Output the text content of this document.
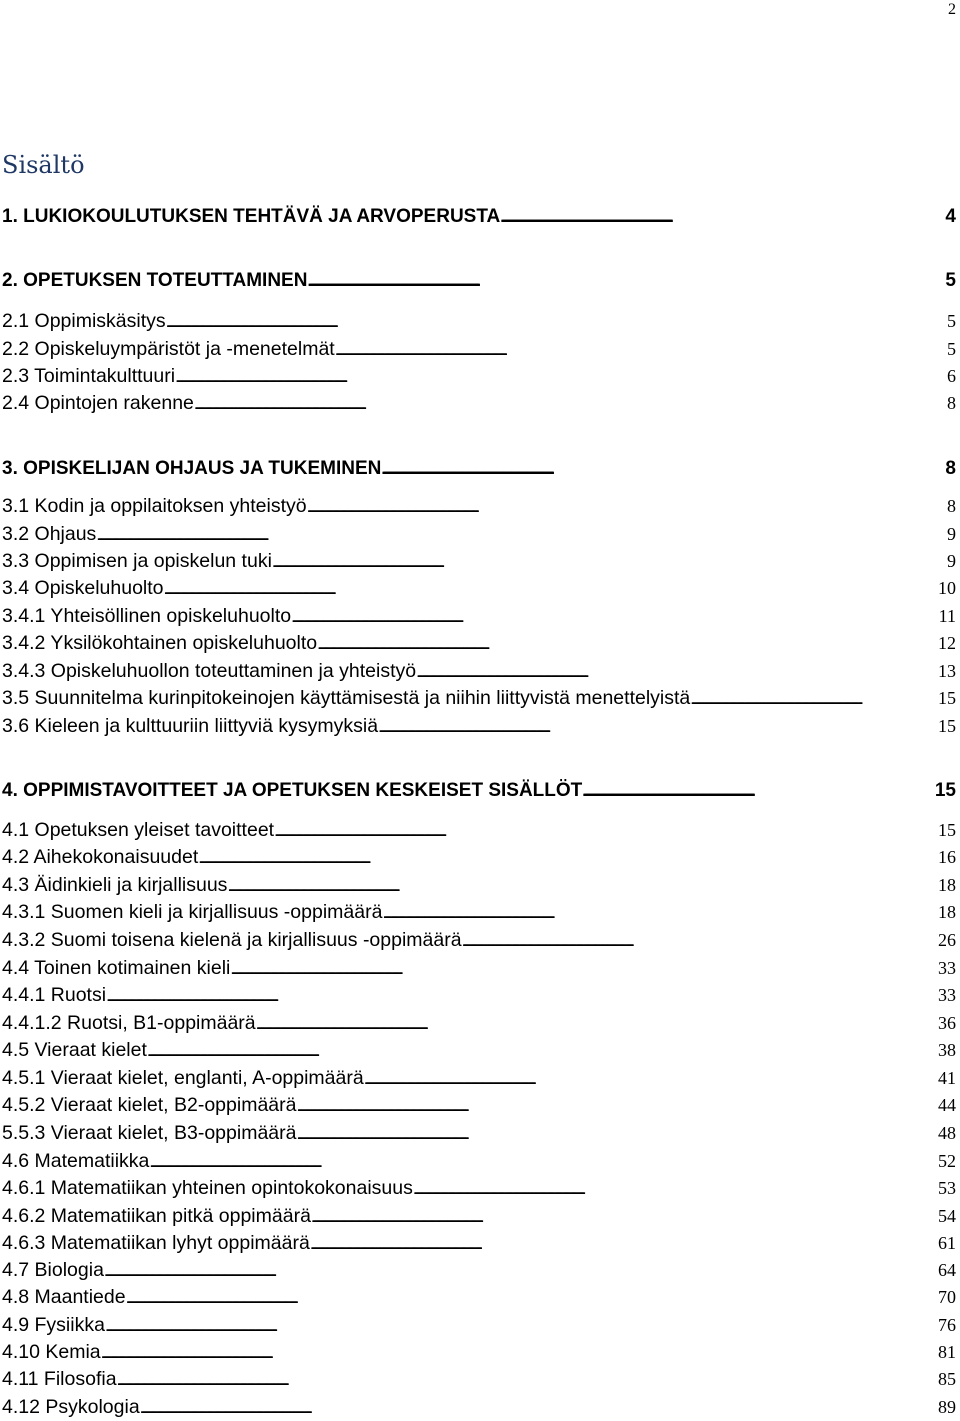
2
Sisältö
1. LUKIOKOULUTUKSEN TEHTÄVÄ JA ARVOPERUSTA . . .	4
2. OPETUKSEN TOTEUTTAMINEN . . .	5
2.1 Oppimiskäsitys . . .	5
2.2 Opiskeluympäristöt ja -menetelmät . . .	5
2.3 Toimintakulttuuri . . .	6
2.4 Opintojen rakenne . . .	8
3. OPISKELIJAN OHJAUS JA TUKEMINEN . . .	8
3.1 Kodin ja oppilaitoksen yhteistyö . . .	8
3.2 Ohjaus . . .	9
3.3 Oppimisen ja opiskelun tuki . . .	9
3.4 Opiskeluhuolto . . .	10
3.4.1 Yhteisöllinen opiskeluhuolto . . .	11
3.4.2 Yksilökohtainen opiskeluhuolto . . .	12
3.4.3 Opiskeluhuollon toteuttaminen ja yhteistyö . . .	13
3.5 Suunnitelma kurinpitokeinojen käyttämisestä ja niihin liittyvistä menettelyistä . . .	15
3.6 Kieleen ja kulttuuriin liittyviä kysymyksiä . . .	15
4. OPPIMISTAVOITTEET JA OPETUKSEN KESKEISET SISÄLLÖT . . .	15
4.1 Opetuksen yleiset tavoitteet . . .	15
4.2 Aihekokonaisuudet . . .	16
4.3 Äidinkieli ja kirjallisuus . . .	18
4.3.1 Suomen kieli ja kirjallisuus -oppimäärä . . .	18
4.3.2 Suomi toisena kielenä ja kirjallisuus -oppimäärä . . .	26
4.4 Toinen kotimainen kieli . . .	33
4.4.1 Ruotsi . . .	33
4.4.1.2 Ruotsi, B1-oppimäärä . . .	36
4.5 Vieraat kielet . . .	38
4.5.1 Vieraat kielet, englanti, A-oppimäärä . . .	41
4.5.2 Vieraat kielet, B2-oppimäärä . . .	44
5.5.3 Vieraat kielet, B3-oppimäärä . . .	48
4.6 Matematiikka . . .	52
4.6.1 Matematiikan yhteinen opintokokonaisuus . . .	53
4.6.2 Matematiikan pitkä oppimäärä . . .	54
4.6.3 Matematiikan lyhyt oppimäärä . . .	61
4.7 Biologia . . .	64
4.8 Maantiede . . .	70
4.9 Fysiikka . . .	76
4.10 Kemia . . .	81
4.11 Filosofia . . .	85
4.12 Psykologia . . .	89
